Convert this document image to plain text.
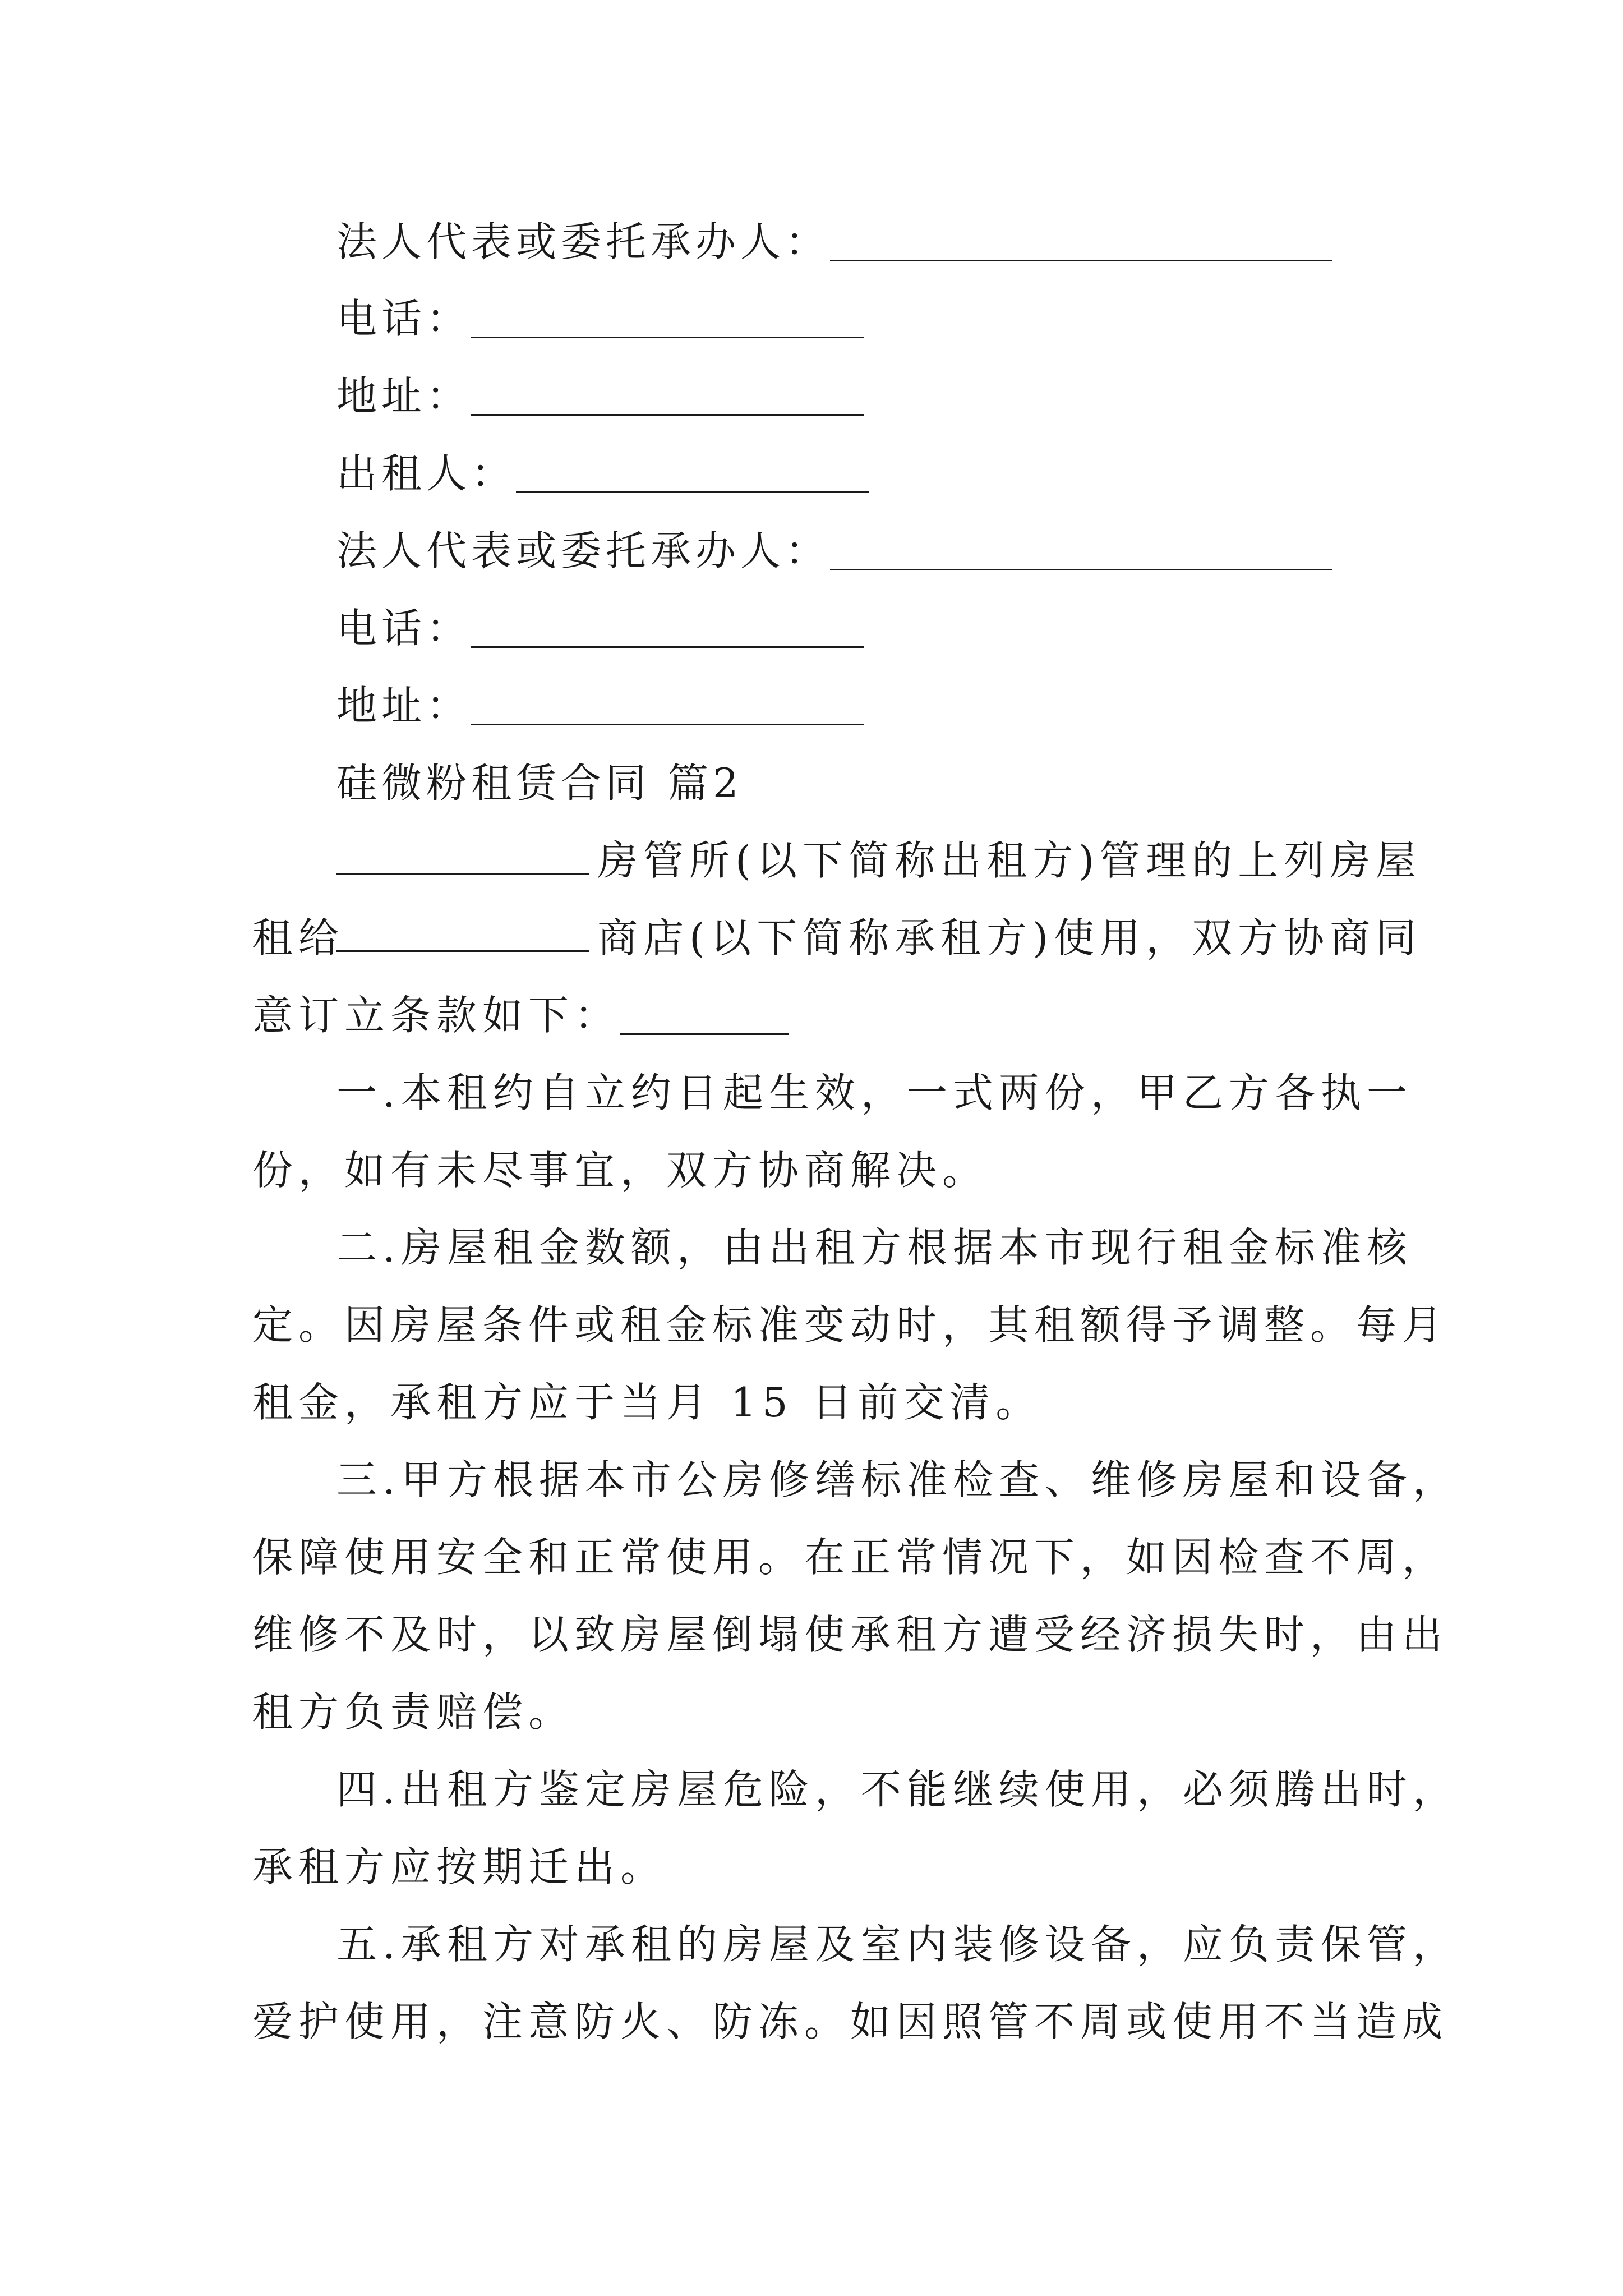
法人代表或委托承办人：
电话：
地址：
出租人：
法人代表或委托承办人：
电话：
地址：
硅微粉租赁合同 篇2
房管所(以下简称出租方)管理的上列房屋
租给	商店(以下简称承租方)使用，双方协商同
意订立条款如下：
一.本租约自立约日起生效，一式两份，甲乙方各执一
份，如有未尽事宜，双方协商解决。
二.房屋租金数额，由出租方根据本市现行租金标准核
定。因房屋条件或租金标准变动时，其租额得予调整。每月
租金，承租方应于当月 15 日前交清。
三.甲方根据本市公房修缮标准检查、维修房屋和设备，
保障使用安全和正常使用。在正常情况下，如因检查不周，
维修不及时，以致房屋倒塌使承租方遭受经济损失时，由出
租方负责赔偿。
四.出租方鉴定房屋危险，不能继续使用，必须腾出时，
承租方应按期迁出。
五.承租方对承租的房屋及室内装修设备，应负责保管，
爱护使用，注意防火、防冻。如因照管不周或使用不当造成
